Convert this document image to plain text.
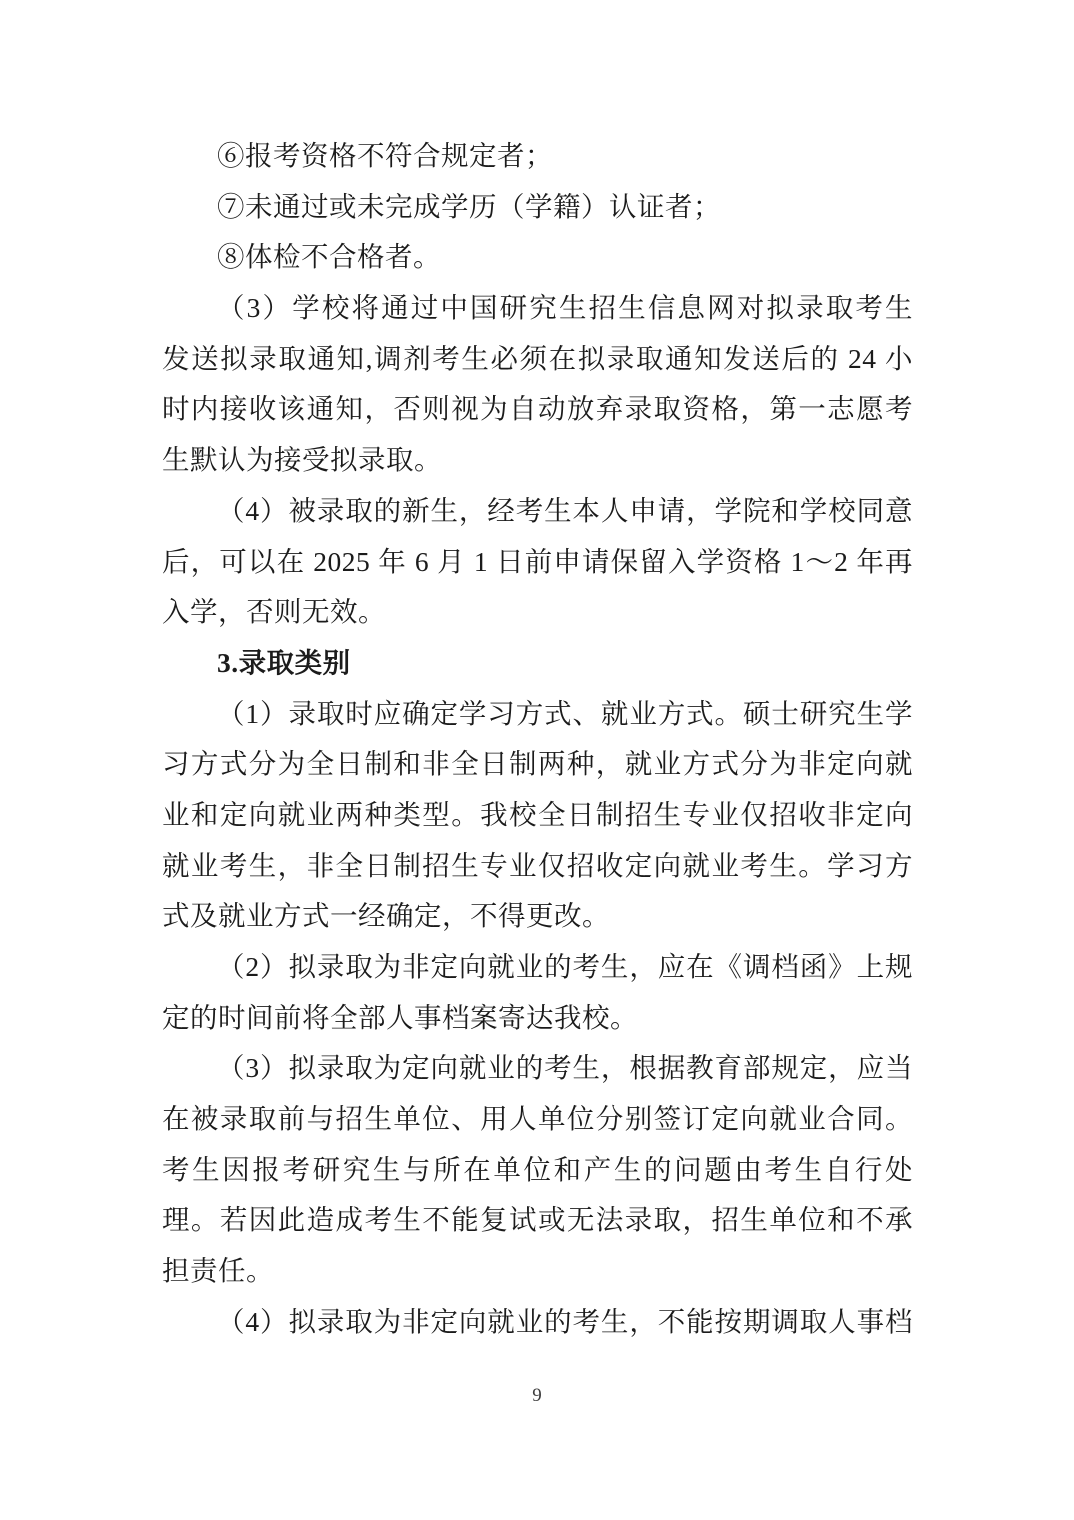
⑥报考资格不符合规定者；
⑦未通过或未完成学历（学籍）认证者；
⑧体检不合格者。
（3）学校将通过中国研究生招生信息网对拟录取考生
发送拟录取通知,调剂考生必须在拟录取通知发送后的 24 小
时内接收该通知，否则视为自动放弃录取资格，第一志愿考
生默认为接受拟录取。
（4）被录取的新生，经考生本人申请，学院和学校同意
后，可以在 2025 年 6 月 1 日前申请保留入学资格 1～2 年再
入学，否则无效。
3.录取类别
（1）录取时应确定学习方式、就业方式。硕士研究生学
习方式分为全日制和非全日制两种，就业方式分为非定向就
业和定向就业两种类型。我校全日制招生专业仅招收非定向
就业考生，非全日制招生专业仅招收定向就业考生。学习方
式及就业方式一经确定，不得更改。
（2）拟录取为非定向就业的考生，应在《调档函》上规
定的时间前将全部人事档案寄达我校。
（3）拟录取为定向就业的考生，根据教育部规定，应当
在被录取前与招生单位、用人单位分别签订定向就业合同。
考生因报考研究生与所在单位和产生的问题由考生自行处
理。若因此造成考生不能复试或无法录取，招生单位和不承
担责任。
（4）拟录取为非定向就业的考生，不能按期调取人事档
9
